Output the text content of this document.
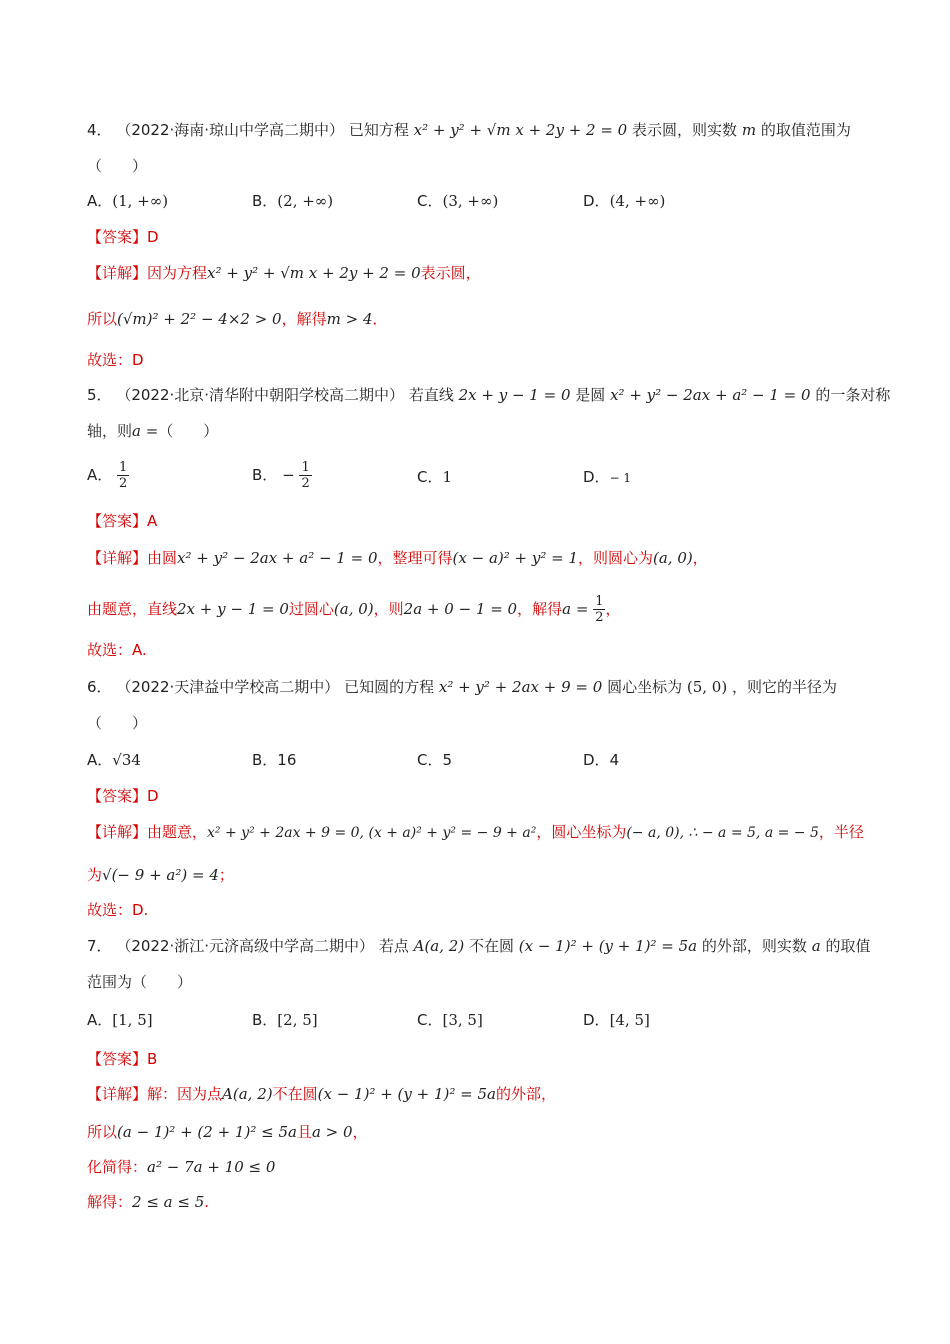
4． （2022·海南·琼山中学高二期中） 已知方程 x² + y² + √m x + 2y + 2 = 0 表示圆，则实数 m 的取值范围为
（　　）
A．(1, +∞)	B．(2, +∞)	C．(3, +∞)	D．(4, +∞)
【答案】D
【详解】因为方程x² + y² + √m x + 2y + 2 = 0表示圆，
所以(√m)² + 2² − 4×2 > 0，解得m > 4．
故选：D
5． （2022·北京·清华附中朝阳学校高二期中） 若直线 2x + y − 1 = 0 是圆 x² + y² − 2ax + a² − 1 = 0 的一条对称
轴，则a =（　　）
A． $\frac{1}{2}$	B． − $\frac{1}{2}$	C．1	D．− 1
【答案】A
【详解】由圆x² + y² − 2ax + a² − 1 = 0，整理可得(x − a)² + y² = 1，则圆心为(a, 0)，
由题意，直线2x + y − 1 = 0过圆心(a, 0)，则2a + 0 − 1 = 0，解得$a = \frac{1}{2}$ ，
故选：A.
6． （2022·天津益中学校高二期中） 已知圆的方程 x² + y² + 2ax + 9 = 0 圆心坐标为 (5, 0) ，则它的半径为
（　　）
A．√34	B．16	C．5	D．4
【答案】D
【详解】由题意，x² + y² + 2ax + 9 = 0, (x + a)² + y² = − 9 + a²，圆心坐标为(− a, 0), ∴ − a = 5, a = − 5，半径
为√(− 9 + a²) = 4；
故选：D.
7． （2022·浙江·元济高级中学高二期中） 若点 A(a, 2) 不在圆 (x − 1)² + (y + 1)² = 5a 的外部，则实数 a 的取值
范围为（　　）
A．[1, 5]	B．[2, 5]	C．[3, 5]	D．[4, 5]
【答案】B
【详解】解：因为点A(a, 2)不在圆(x − 1)² + (y + 1)² = 5a的外部，
所以(a − 1)² + (2 + 1)² ≤ 5a且a > 0，
化简得：a² − 7a + 10 ≤ 0
解得：2 ≤ a ≤ 5.
